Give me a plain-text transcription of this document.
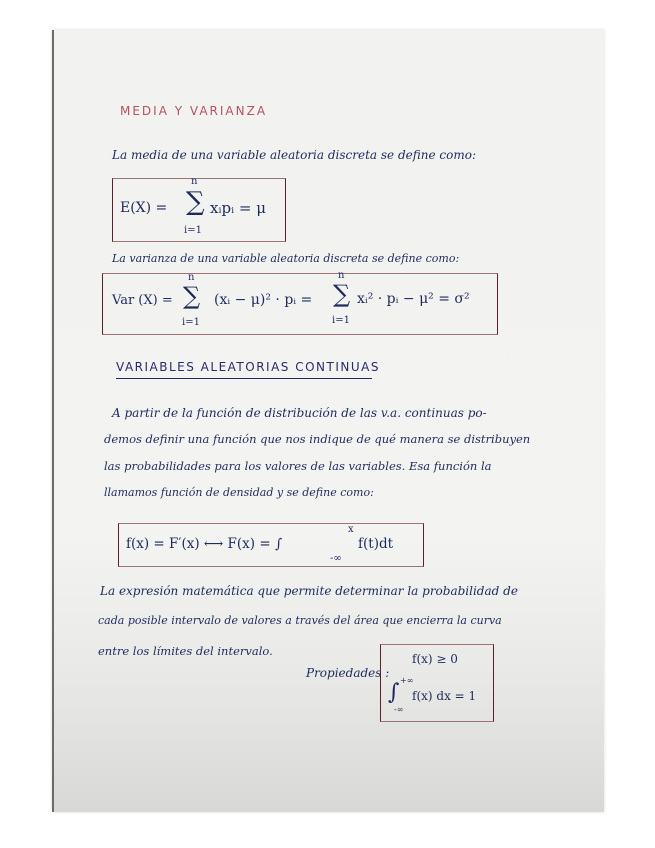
MEDIA Y VARIANZA
La media de una variable aleatoria discreta se define como:
E(X) =
n
∑
i=1
xᵢpᵢ = μ
La varianza de una variable aleatoria discreta se define como:
Var (X) =
n
∑
i=1
(xᵢ − μ)² · pᵢ =
n
∑
i=1
xᵢ² · pᵢ − μ² = σ²
VARIABLES ALEATORIAS CONTINUAS
A partir de la función de distribución de las v.a. continuas po-
demos definir una función que nos indique de qué manera se distribuyen
las probabilidades para los valores de las variables. Esa función la
llamamos función de densidad y se define como:
f(x) = F′(x) ⟷ F(x) = ∫
x
-∞
f(t)dt
La expresión matemática que permite determinar la probabilidad de
cada posible intervalo de valores a través del área que encierra la curva
entre los límites del intervalo.
Propiedades :
f(x) ≥ 0
∫ +∞
-∞
f(x) dx = 1
